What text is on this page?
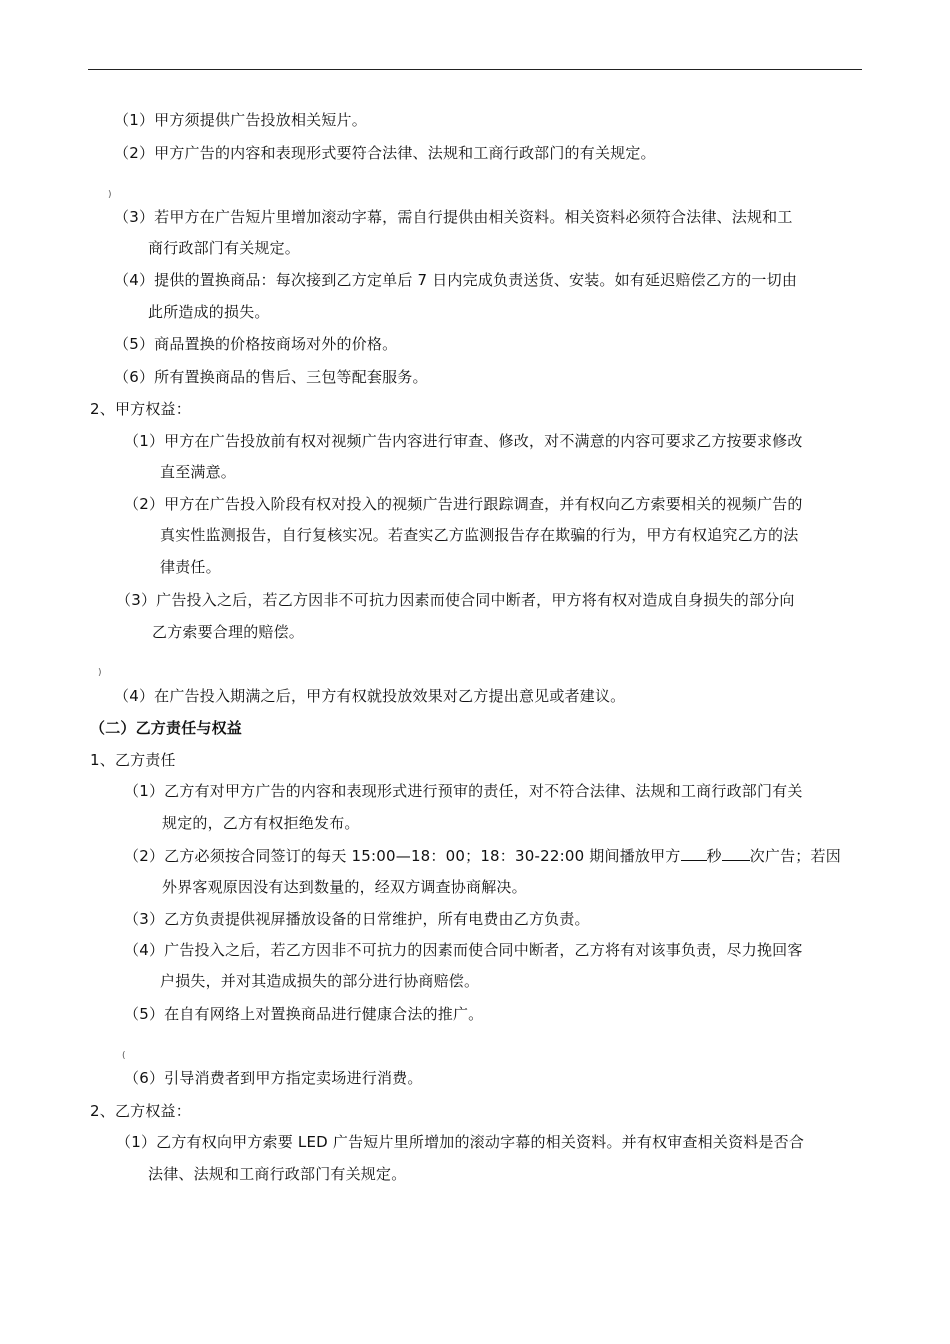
（1）甲方须提供广告投放相关短片。
（2）甲方广告的内容和表现形式要符合法律、法规和工商行政部门的有关规定。
)
（3）若甲方在广告短片里增加滚动字幕，需自行提供由相关资料。相关资料必须符合法律、法规和工
商行政部门有关规定。
（4）提供的置换商品：每次接到乙方定单后 7 日内完成负责送货、安装。如有延迟赔偿乙方的一切由
此所造成的损失。
（5）商品置换的价格按商场对外的价格。
（6）所有置换商品的售后、三包等配套服务。
2、甲方权益：
（1）甲方在广告投放前有权对视频广告内容进行审查、修改，对不满意的内容可要求乙方按要求修改
直至满意。
（2）甲方在广告投入阶段有权对投入的视频广告进行跟踪调查，并有权向乙方索要相关的视频广告的
真实性监测报告，自行复核实况。若查实乙方监测报告存在欺骗的行为，甲方有权追究乙方的法
律责任。
（3）广告投入之后，若乙方因非不可抗力因素而使合同中断者，甲方将有权对造成自身损失的部分向
乙方索要合理的赔偿。
)
（4）在广告投入期满之后，甲方有权就投放效果对乙方提出意见或者建议。
（二）乙方责任与权益
1、乙方责任
（1）乙方有对甲方广告的内容和表现形式进行预审的责任，对不符合法律、法规和工商行政部门有关
规定的，乙方有权拒绝发布。
（2）乙方必须按合同签订的每天 15:00—18：00；18：30-22:00 期间播放甲方 秒 次广告；若因
外界客观原因没有达到数量的，经双方调查协商解决。
（3）乙方负责提供视屏播放设备的日常维护，所有电费由乙方负责。
（4）广告投入之后，若乙方因非不可抗力的因素而使合同中断者，乙方将有对该事负责，尽力挽回客
户损失，并对其造成损失的部分进行协商赔偿。
（5）在自有网络上对置换商品进行健康合法的推广。
(
（6）引导消费者到甲方指定卖场进行消费。
2、乙方权益：
（1）乙方有权向甲方索要 LED 广告短片里所增加的滚动字幕的相关资料。并有权审查相关资料是否合
法律、法规和工商行政部门有关规定。
